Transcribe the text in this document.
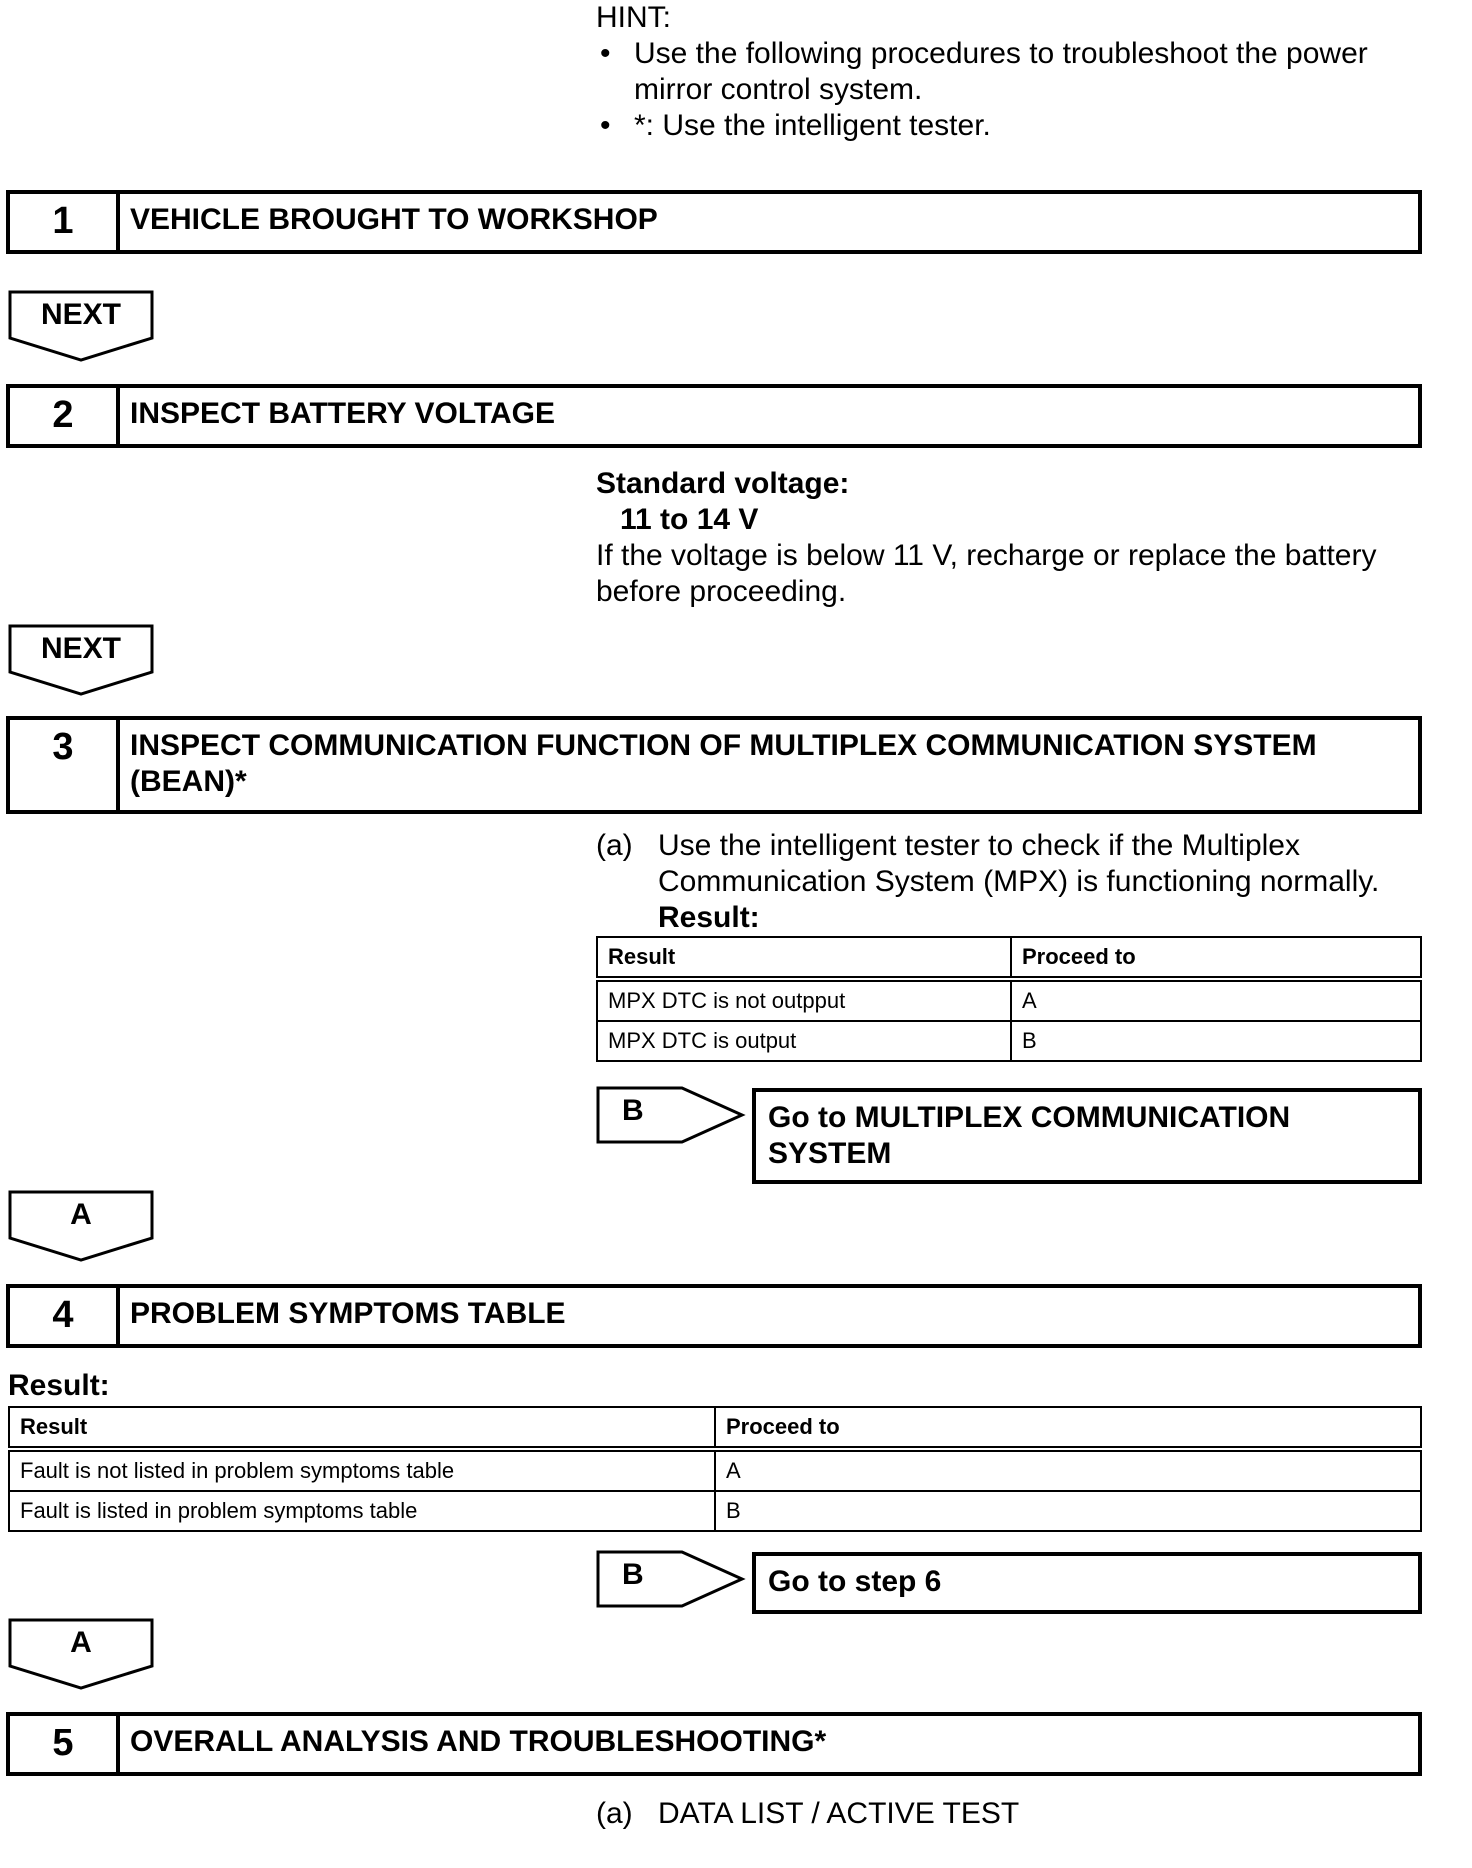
HINT:
• Use the following procedures to troubleshoot the power mirror control system.
• *: Use the intelligent tester.
1	VEHICLE BROUGHT TO WORKSHOP
NEXT
2	INSPECT BATTERY VOLTAGE
Standard voltage:
11 to 14 V
If the voltage is below 11 V, recharge or replace the battery before proceeding.
NEXT
3	INSPECT COMMUNICATION FUNCTION OF MULTIPLEX COMMUNICATION SYSTEM (BEAN)*
(a) Use the intelligent tester to check if the Multiplex Communication System (MPX) is functioning normally.
Result:
Result	Proceed to
MPX DTC is not outpput	A
MPX DTC is output	B
B	Go to MULTIPLEX COMMUNICATION SYSTEM
A
4	PROBLEM SYMPTOMS TABLE
Result:
Result	Proceed to
Fault is not listed in problem symptoms table	A
Fault is listed in problem symptoms table	B
B	Go to step 6
A
5	OVERALL ANALYSIS AND TROUBLESHOOTING*
(a) DATA LIST / ACTIVE TEST
